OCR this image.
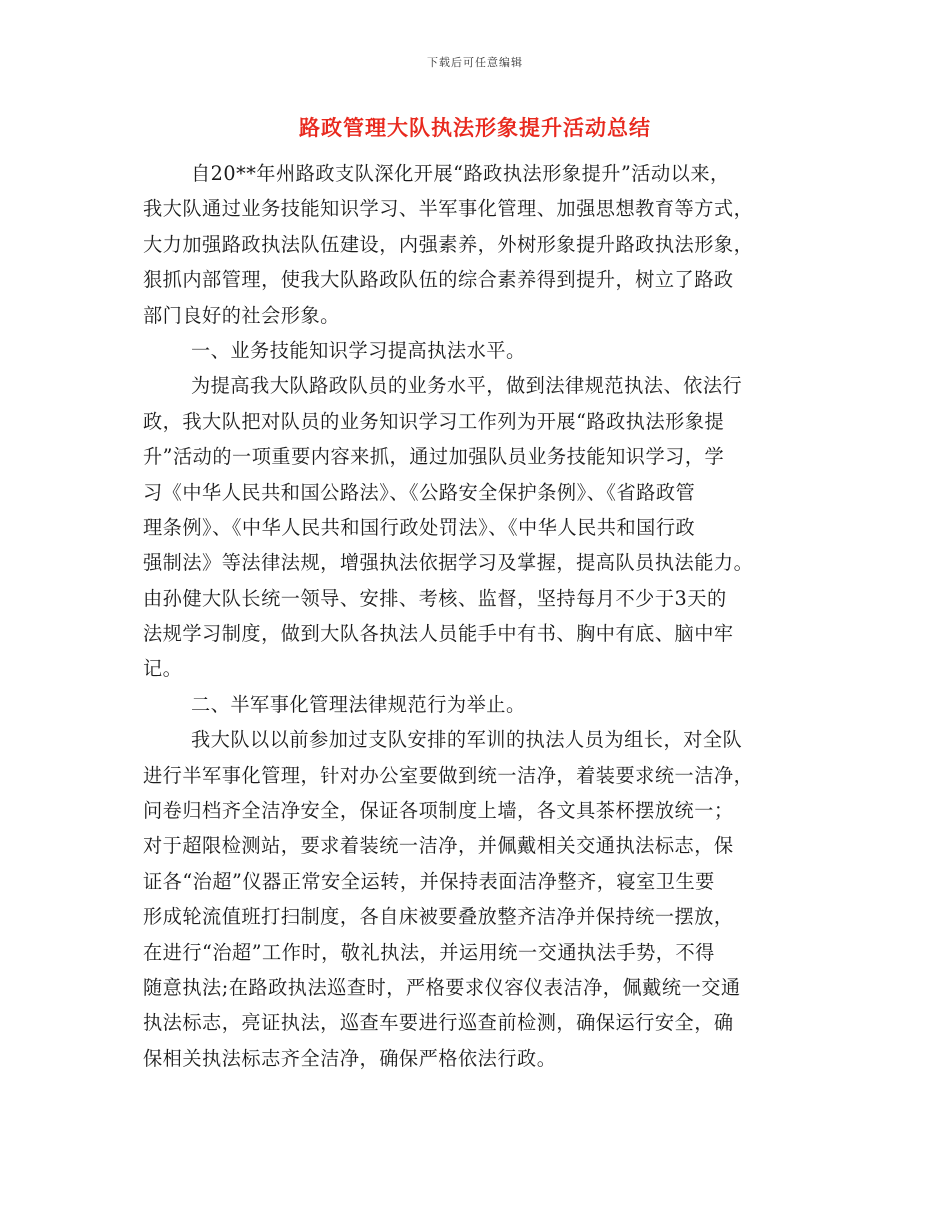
下载后可任意编辑
路政管理大队执法形象提升活动总结
自20**年州路政支队深化开展“路政执法形象提升”活动以来，
我大队通过业务技能知识学习、半军事化管理、加强思想教育等方式，
大力加强路政执法队伍建设，内强素养，外树形象提升路政执法形象，
狠抓内部管理，使我大队路政队伍的综合素养得到提升，树立了路政
部门良好的社会形象。
一、业务技能知识学习提高执法水平。
为提高我大队路政队员的业务水平，做到法律规范执法、依法行
政，我大队把对队员的业务知识学习工作列为开展“路政执法形象提
升”活动的一项重要内容来抓，通过加强队员业务技能知识学习，学
习《中华人民共和国公路法》、《公路安全保护条例》、《省路政管
理条例》、《中华人民共和国行政处罚法》、《中华人民共和国行政
强制法》等法律法规，增强执法依据学习及掌握，提高队员执法能力。
由孙健大队长统一领导、安排、考核、监督，坚持每月不少于3天的
法规学习制度，做到大队各执法人员能手中有书、胸中有底、脑中牢
记。
二、半军事化管理法律规范行为举止。
我大队以以前参加过支队安排的军训的执法人员为组长，对全队
进行半军事化管理，针对办公室要做到统一洁净，着装要求统一洁净，
问卷归档齐全洁净安全，保证各项制度上墙，各文具茶杯摆放统一；
对于超限检测站，要求着装统一洁净，并佩戴相关交通执法标志，保
证各“治超”仪器正常安全运转，并保持表面洁净整齐，寝室卫生要
形成轮流值班打扫制度，各自床被要叠放整齐洁净并保持统一摆放，
在进行“治超”工作时，敬礼执法，并运用统一交通执法手势，不得
随意执法;在路政执法巡查时，严格要求仪容仪表洁净，佩戴统一交通
执法标志，亮证执法，巡查车要进行巡查前检测，确保运行安全，确
保相关执法标志齐全洁净，确保严格依法行政。
